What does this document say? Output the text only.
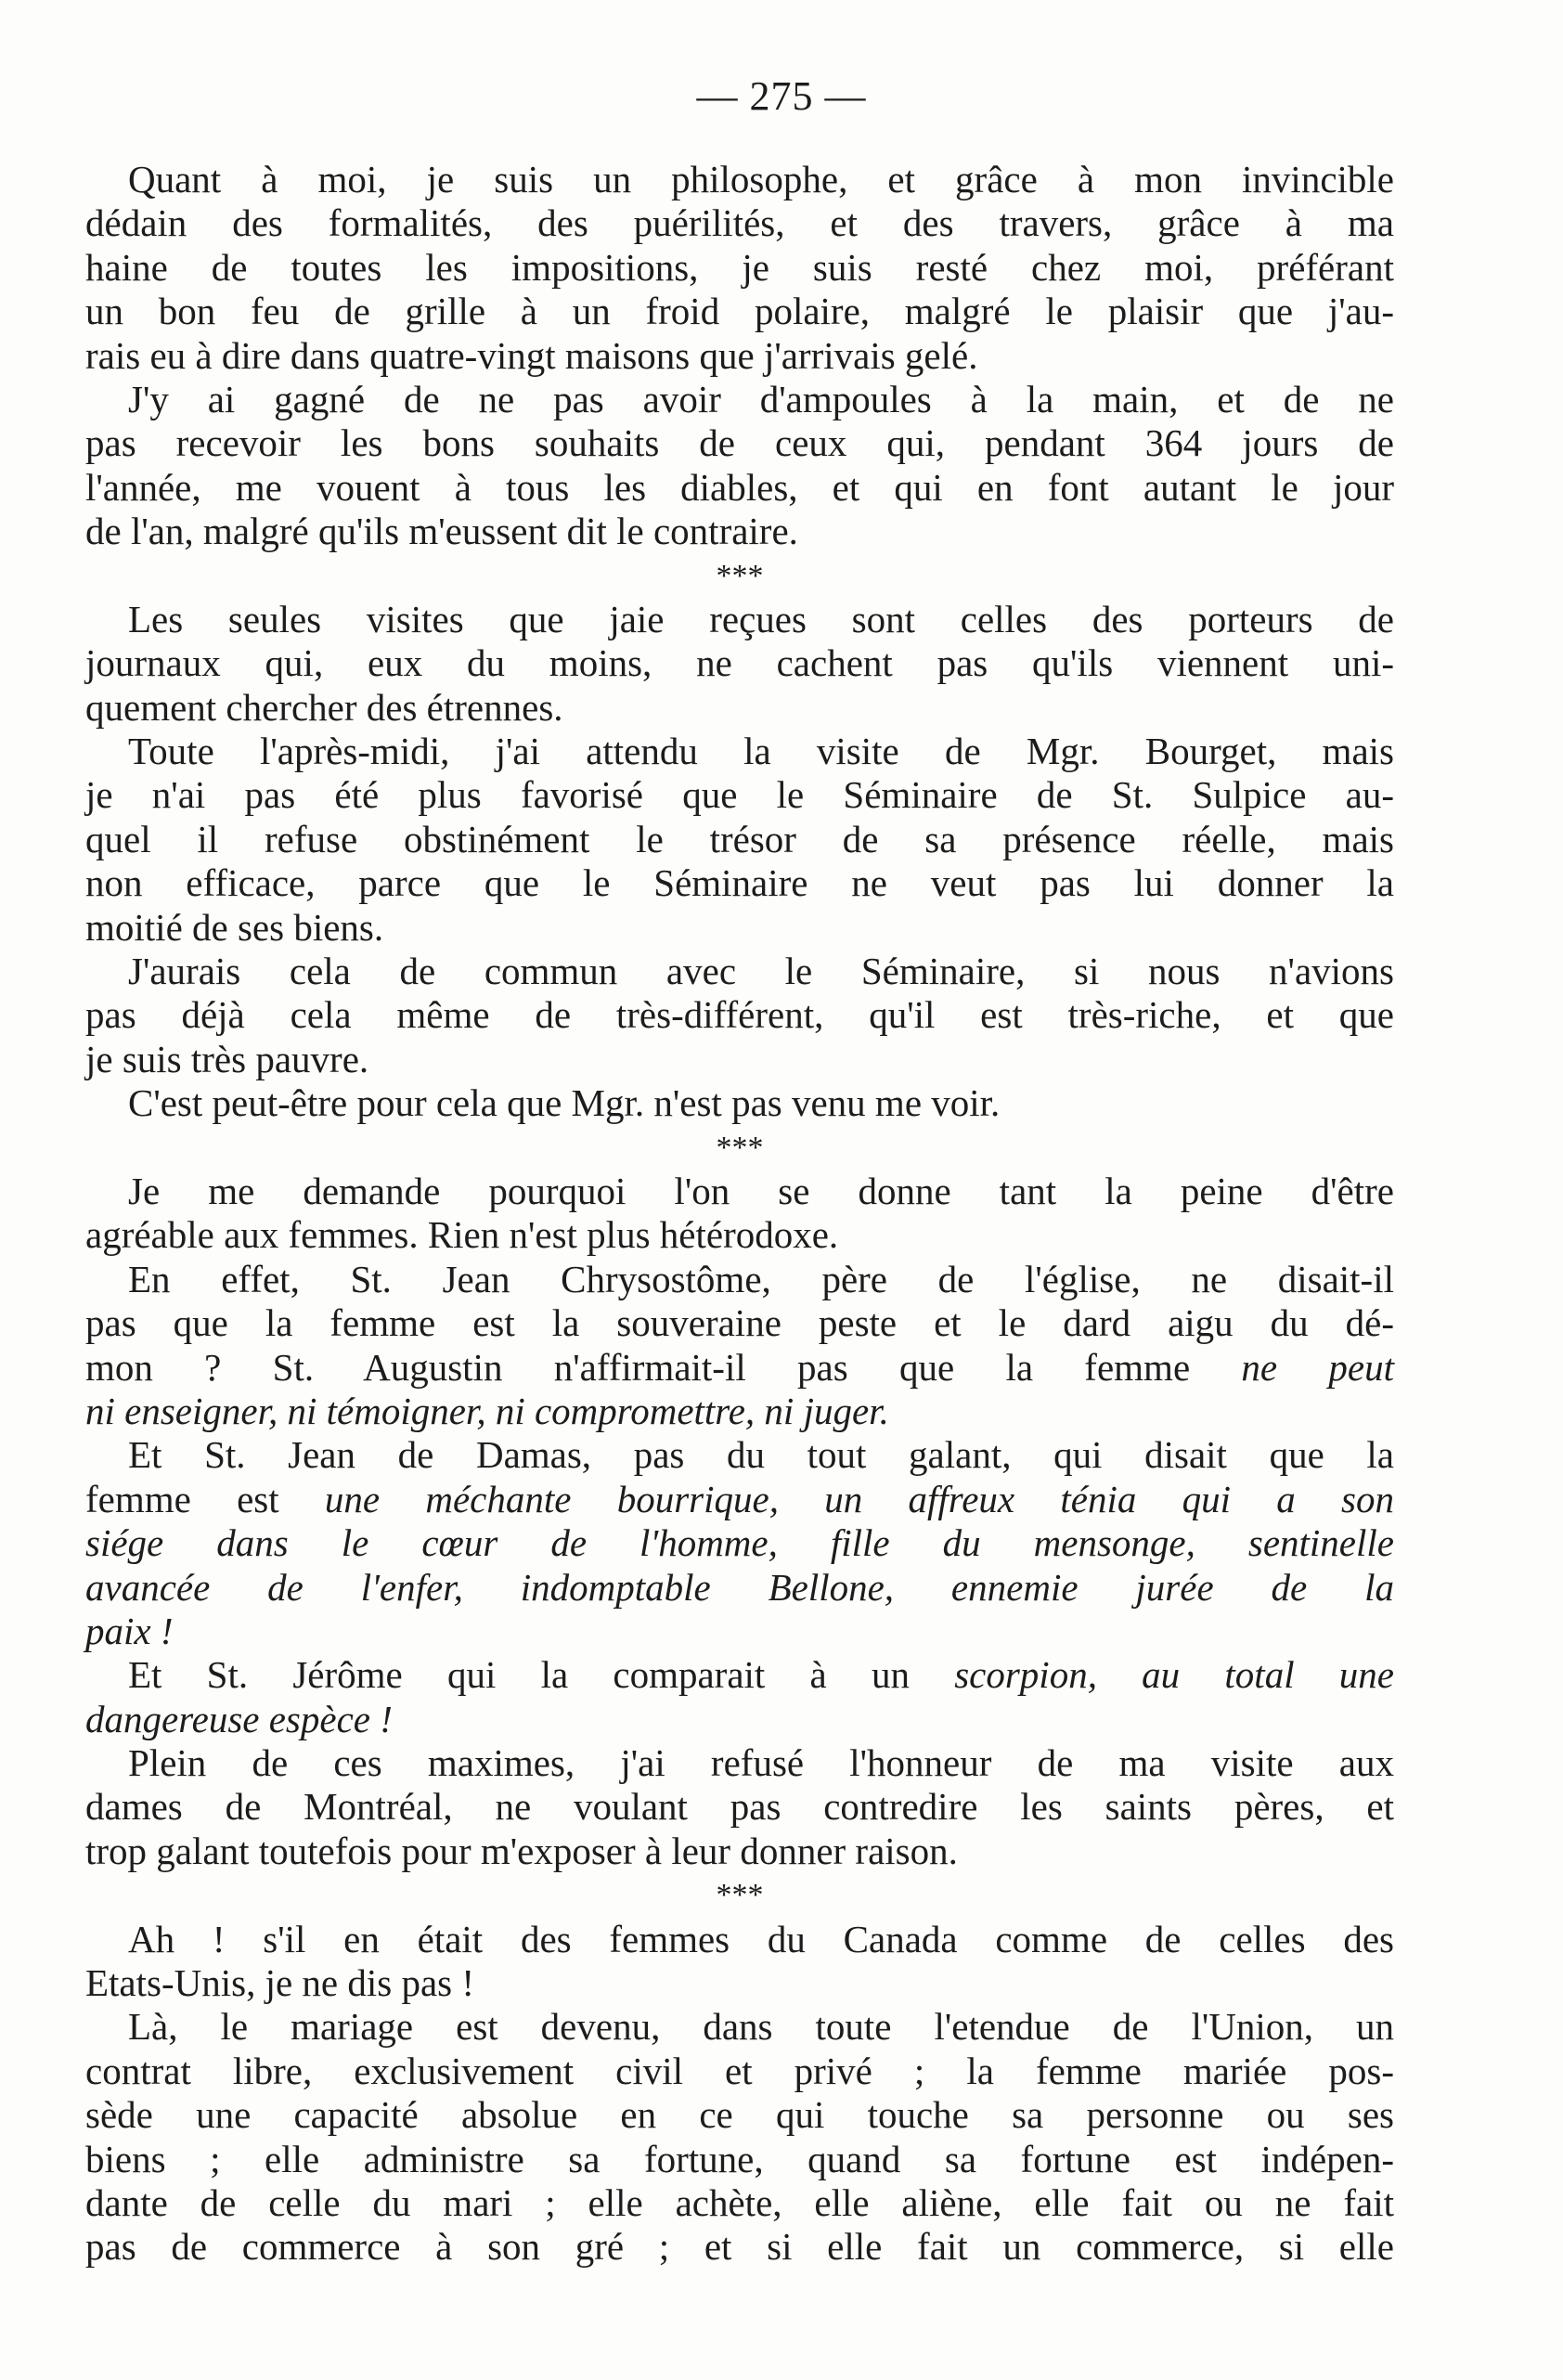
— 275 —
Quant à moi, je suis un philosophe, et grâce à mon invincible
dédain des formalités, des puérilités, et des travers, grâce à ma
haine de toutes les impositions, je suis resté chez moi, préférant
un bon feu de grille à un froid polaire, malgré le plaisir que j'au-
rais eu à dire dans quatre-vingt maisons que j'arrivais gelé.
J'y ai gagné de ne pas avoir d'ampoules à la main, et de ne
pas recevoir les bons souhaits de ceux qui, pendant 364 jours de
l'année, me vouent à tous les diables, et qui en font autant le jour
de l'an, malgré qu'ils m'eussent dit le contraire.
***
Les seules visites que jaie reçues sont celles des porteurs de
journaux qui, eux du moins, ne cachent pas qu'ils viennent uni-
quement chercher des étrennes.
Toute l'après-midi, j'ai attendu la visite de Mgr. Bourget, mais
je n'ai pas été plus favorisé que le Séminaire de St. Sulpice au-
quel il refuse obstinément le trésor de sa présence réelle, mais
non efficace, parce que le Séminaire ne veut pas lui donner la
moitié de ses biens.
J'aurais cela de commun avec le Séminaire, si nous n'avions
pas déjà cela même de très-différent, qu'il est très-riche, et que
je suis très pauvre.
C'est peut-être pour cela que Mgr. n'est pas venu me voir.
***
Je me demande pourquoi l'on se donne tant la peine d'être
agréable aux femmes. Rien n'est plus hétérodoxe.
En effet, St. Jean Chrysostôme, père de l'église, ne disait-il
pas que la femme est la souveraine peste et le dard aigu du dé-
mon ? St. Augustin n'affirmait-il pas que la femme ne peut
ni enseigner, ni témoigner, ni compromettre, ni juger.
Et St. Jean de Damas, pas du tout galant, qui disait que la
femme est une méchante bourrique, un affreux ténia qui a son
siége dans le cœur de l'homme, fille du mensonge, sentinelle
avancée de l'enfer, indomptable Bellone, ennemie jurée de la
paix !
Et St. Jérôme qui la comparait à un scorpion, au total une
dangereuse espèce !
Plein de ces maximes, j'ai refusé l'honneur de ma visite aux
dames de Montréal, ne voulant pas contredire les saints pères, et
trop galant toutefois pour m'exposer à leur donner raison.
***
Ah ! s'il en était des femmes du Canada comme de celles des
Etats-Unis, je ne dis pas !
Là, le mariage est devenu, dans toute l'etendue de l'Union, un
contrat libre, exclusivement civil et privé ; la femme mariée pos-
sède une capacité absolue en ce qui touche sa personne ou ses
biens ; elle administre sa fortune, quand sa fortune est indépen-
dante de celle du mari ; elle achète, elle aliène, elle fait ou ne fait
pas de commerce à son gré ; et si elle fait un commerce, si elle
